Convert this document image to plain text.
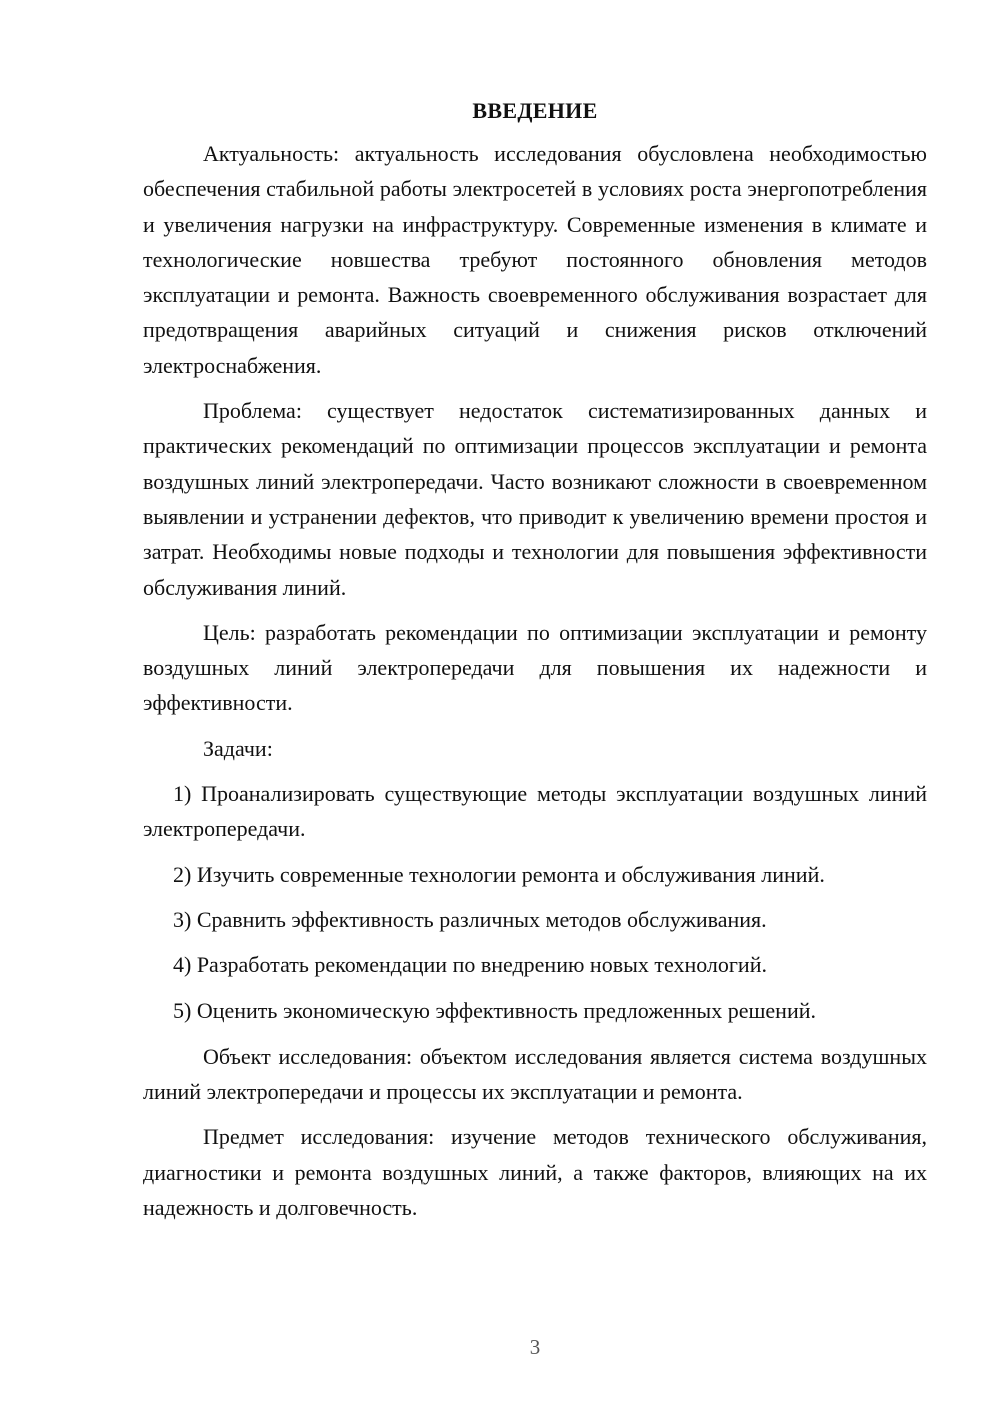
ВВЕДЕНИЕ

Актуальность: актуальность исследования обусловлена необходимостью обеспечения стабильной работы электросетей в условиях роста энергопотребления и увеличения нагрузки на инфраструктуру. Современные изменения в климате и технологические новшества требуют постоянного обновления методов эксплуатации и ремонта. Важность своевременного обслуживания возрастает для предотвращения аварийных ситуаций и снижения рисков отключений электроснабжения.

Проблема: существует недостаток систематизированных данных и практических рекомендаций по оптимизации процессов эксплуатации и ремонта воздушных линий электропередачи. Часто возникают сложности в своевременном выявлении и устранении дефектов, что приводит к увеличению времени простоя и затрат. Необходимы новые подходы и технологии для повышения эффективности обслуживания линий.

Цель: разработать рекомендации по оптимизации эксплуатации и ремонту воздушных линий электропередачи для повышения их надежности и эффективности.

Задачи:

1) Проанализировать существующие методы эксплуатации воздушных линий электропередачи.

2) Изучить современные технологии ремонта и обслуживания линий.

3) Сравнить эффективность различных методов обслуживания.

4) Разработать рекомендации по внедрению новых технологий.

5) Оценить экономическую эффективность предложенных решений.

Объект исследования: объектом исследования является система воздушных линий электропередачи и процессы их эксплуатации и ремонта.

Предмет исследования: изучение методов технического обслуживания, диагностики и ремонта воздушных линий, а также факторов, влияющих на их надежность и долговечность.

3
